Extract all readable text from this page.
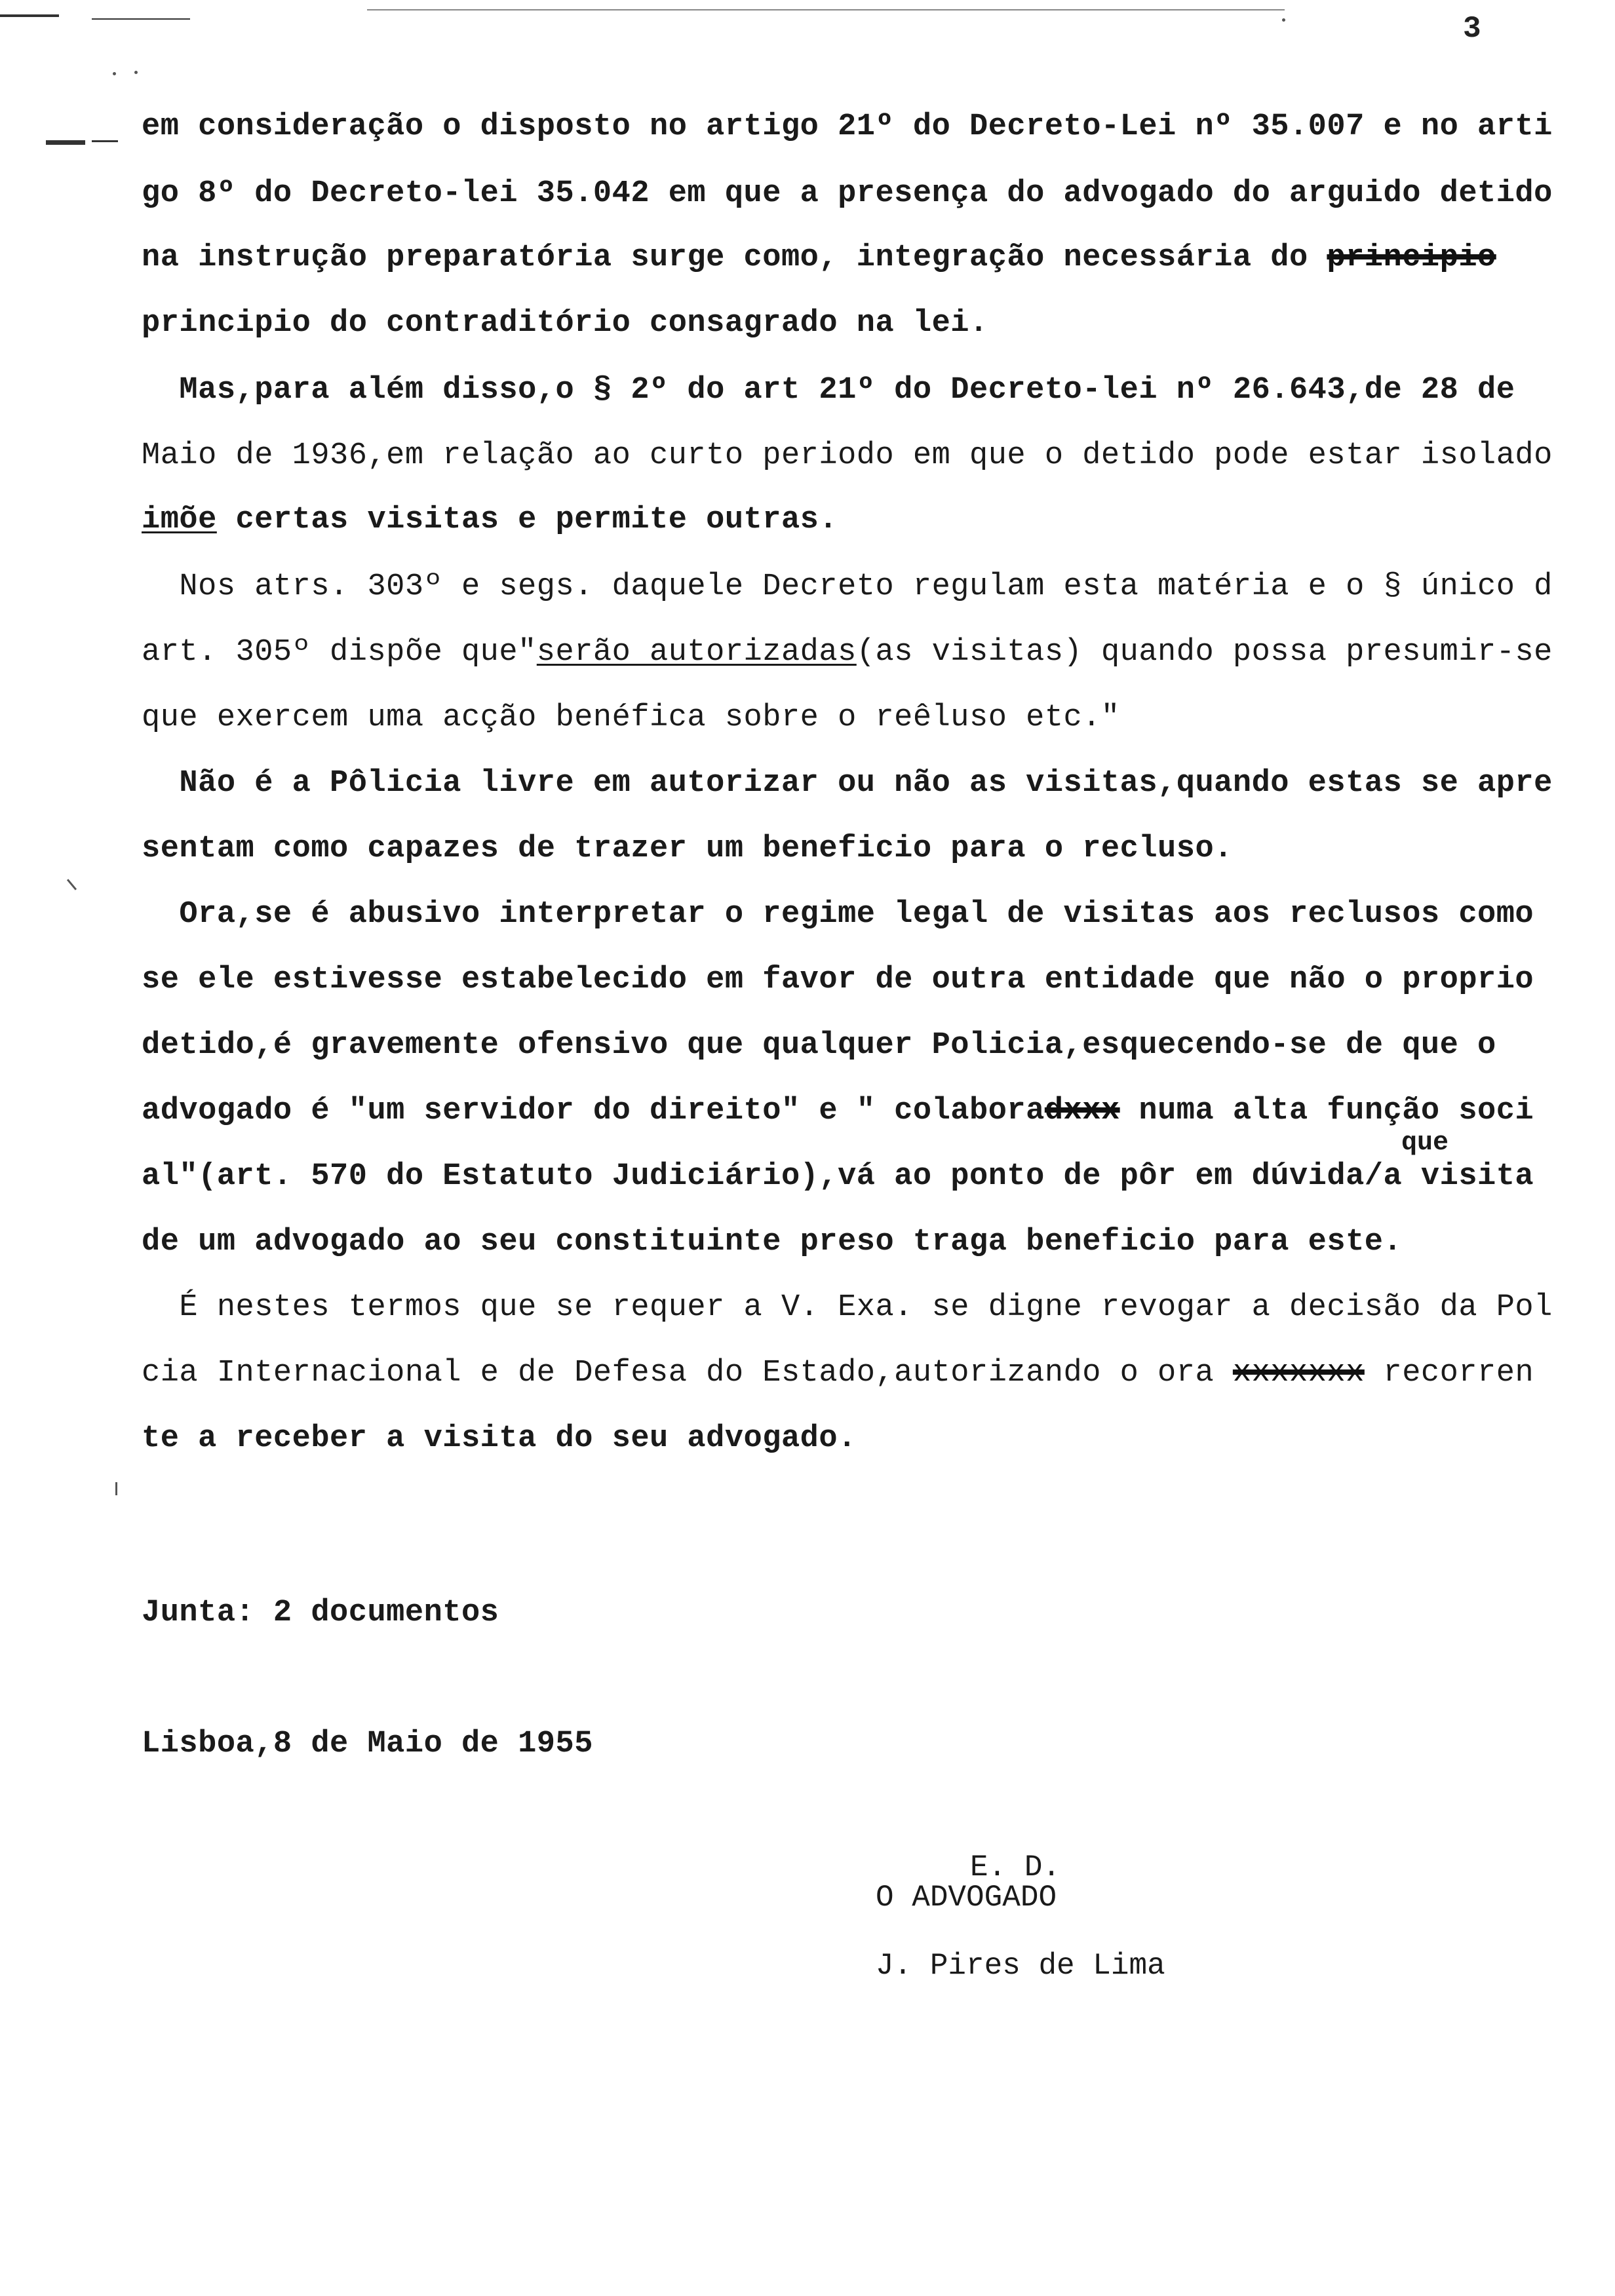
3
em consideração o disposto no artigo 21º do Decreto-Lei nº 35.007 e no arti
go 8º do Decreto-lei 35.042 em que a presença do advogado do arguido detido
na instrução preparatória surge como, integração necessária do principio
principio do contraditório consagrado na lei.
Mas,para além disso,o § 2º do art 21º do Decreto-lei nº 26.643,de 28 de
Maio de 1936,em relação ao curto periodo em que o detido pode estar isolado
imõe certas visitas e permite outras.
Nos atrs. 303º e segs. daquele Decreto regulam esta matéria e o § único d
art. 305º dispõe que"serão autorizadas(as visitas) quando possa presumir-se
que exercem uma acção benéfica sobre o reêluso etc."
Não é a Pôlicia livre em autorizar ou não as visitas,quando estas se apre
sentam como capazes de trazer um beneficio para o recluso.
Ora,se é abusivo interpretar o regime legal de visitas aos reclusos como
se ele estivesse estabelecido em favor de outra entidade que não o proprio
detido,é gravemente ofensivo que qualquer Policia,esquecendo-se de que o
advogado é "um servidor do direito" e " colaboradxxx numa alta função soci
que
al"(art. 570 do Estatuto Judiciário),vá ao ponto de pôr em dúvida/a visita
de um advogado ao seu constituinte preso traga beneficio para este.
É nestes termos que se requer a V. Exa. se digne revogar a decisão da Pol
cia Internacional e de Defesa do Estado,autorizando o ora xxxxxxx recorren
te a receber a visita do seu advogado.
Junta: 2 documentos
Lisboa,8 de Maio de 1955
E. D.
O ADVOGADO
J. Pires de Lima
